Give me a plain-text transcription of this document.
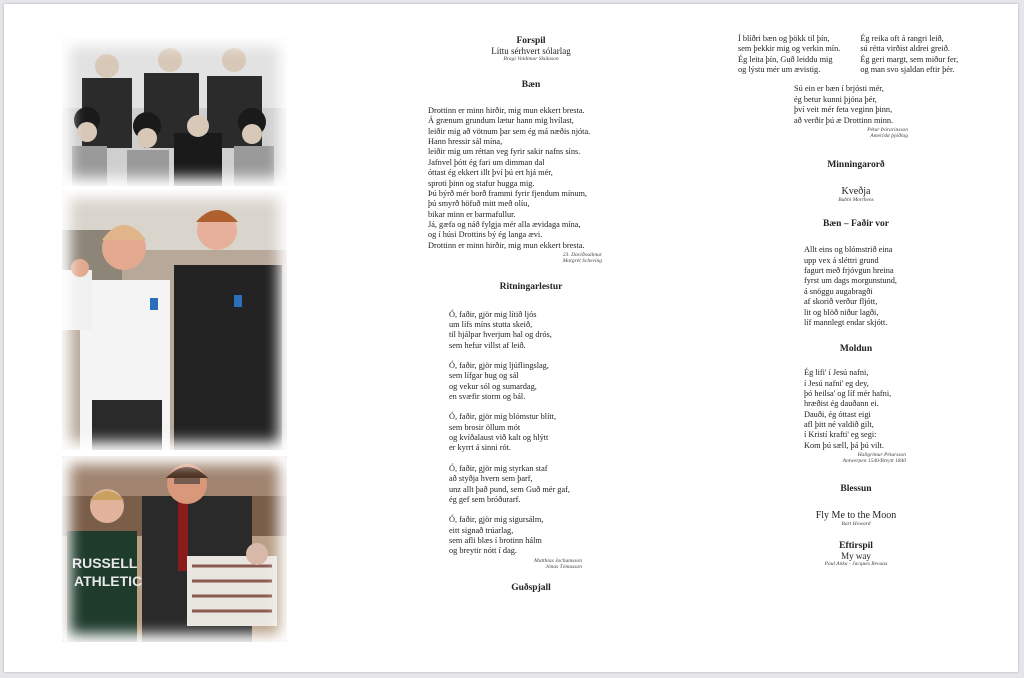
RUSSELL
ATHLETIC
Forspil
Líttu sérhvert sólarlag
Bragi Valdimar Skúlason
Bæn
Drottinn er minn hirðir, mig mun ekkert bresta.
Á grænum grundum lætur hann mig hvílast,
leiðir mig að vötnum þar sem ég má næðis njóta.
Hann hressir sál mína,
leiðir mig um réttan veg fyrir sakir nafns síns.
Jafnvel þótt ég fari um dimman dal
óttast ég ekkert illt því þú ert hjá mér,
sproti þinn og stafur hugga mig.
Þú býrð mér borð frammi fyrir fjendum mínum,
þú smyrð höfuð mitt með olíu,
bikar minn er barmafullur.
Já, gæfa og náð fylgja mér alla ævidaga mína,
og í húsi Drottins bý ég langa ævi.
Drottinn er minn hirðir, mig mun ekkert bresta.
23. Davíðssálmur
Margrét Scheving
Ritningarlestur
Ó, faðir, gjör mig lítið ljós
um lífs míns stutta skeið,
til hjálpar hverjum hal og drós,
sem hefur villst af leið.
Ó, faðir, gjör mig ljúflingslag,
sem lífgar hug og sál
og vekur sól og sumardag,
en svæfir storm og bál.
Ó, faðir, gjör mig blómstur blítt,
sem brosir öllum mót
og kvíðalaust við kalt og hlýtt
er kyrrt á sinni rót.
Ó, faðir, gjör mig styrkan staf
að styðja hvern sem þarf,
unz allt það pund, sem Guð mér gaf,
ég gef sem bróðurarf.
Ó, faðir, gjör mig sigursálm,
eitt signað trúarlag,
sem afli blæs í brotinn hálm
og breytir nótt í dag.
Matthías Jochumsson
Jónas Tómasson
Guðspjall
Í blíðri bæn og þökk til þín,
sem þekkir mig og verkin mín.
Ég leita þín, Guð leiddu mig
og lýstu mér um ævistig.
Ég reika oft á rangri leið,
sú rétta virðist aldrei greið.
Ég geri margt, sem miður fer,
og man svo sjaldan eftir þér.
Sú ein er bæn í brjósti mér,
ég betur kunni þjóna þér,
því veit mér feta veginn þinn,
að verðir þú æ Drottinn minn.
Pétur Þórarinsson
Amerískt þjóðlag
Minningarorð
Kveðja
Bubbi Morthens
Bæn – Faðir vor
Allt eins og blómstrið eina
upp vex á sléttri grund
fagurt með frjóvgun hreina
fyrst um dags morgunstund,
á snöggu augabragði
af skorið verður fljótt,
lit og blöð niður lagði,
líf mannlegt endar skjótt.
Moldun
Ég lifi' í Jesú nafni,
í Jesú nafni' eg dey,
þó heilsa' og líf mér hafni,
hræðist ég dauðann ei.
Dauði, ég óttast eigi
afl þitt né valdið gilt,
í Kristí krafti' eg segi:
Kom þú sæll, þá þú vilt.
Hallgrímur Pétursson
Antwerpen 1540/Breytt 1840
Blessun
Fly Me to the Moon
Bart Howard
Eftirspil
My way
Paul Anka - Jacques Revaux
